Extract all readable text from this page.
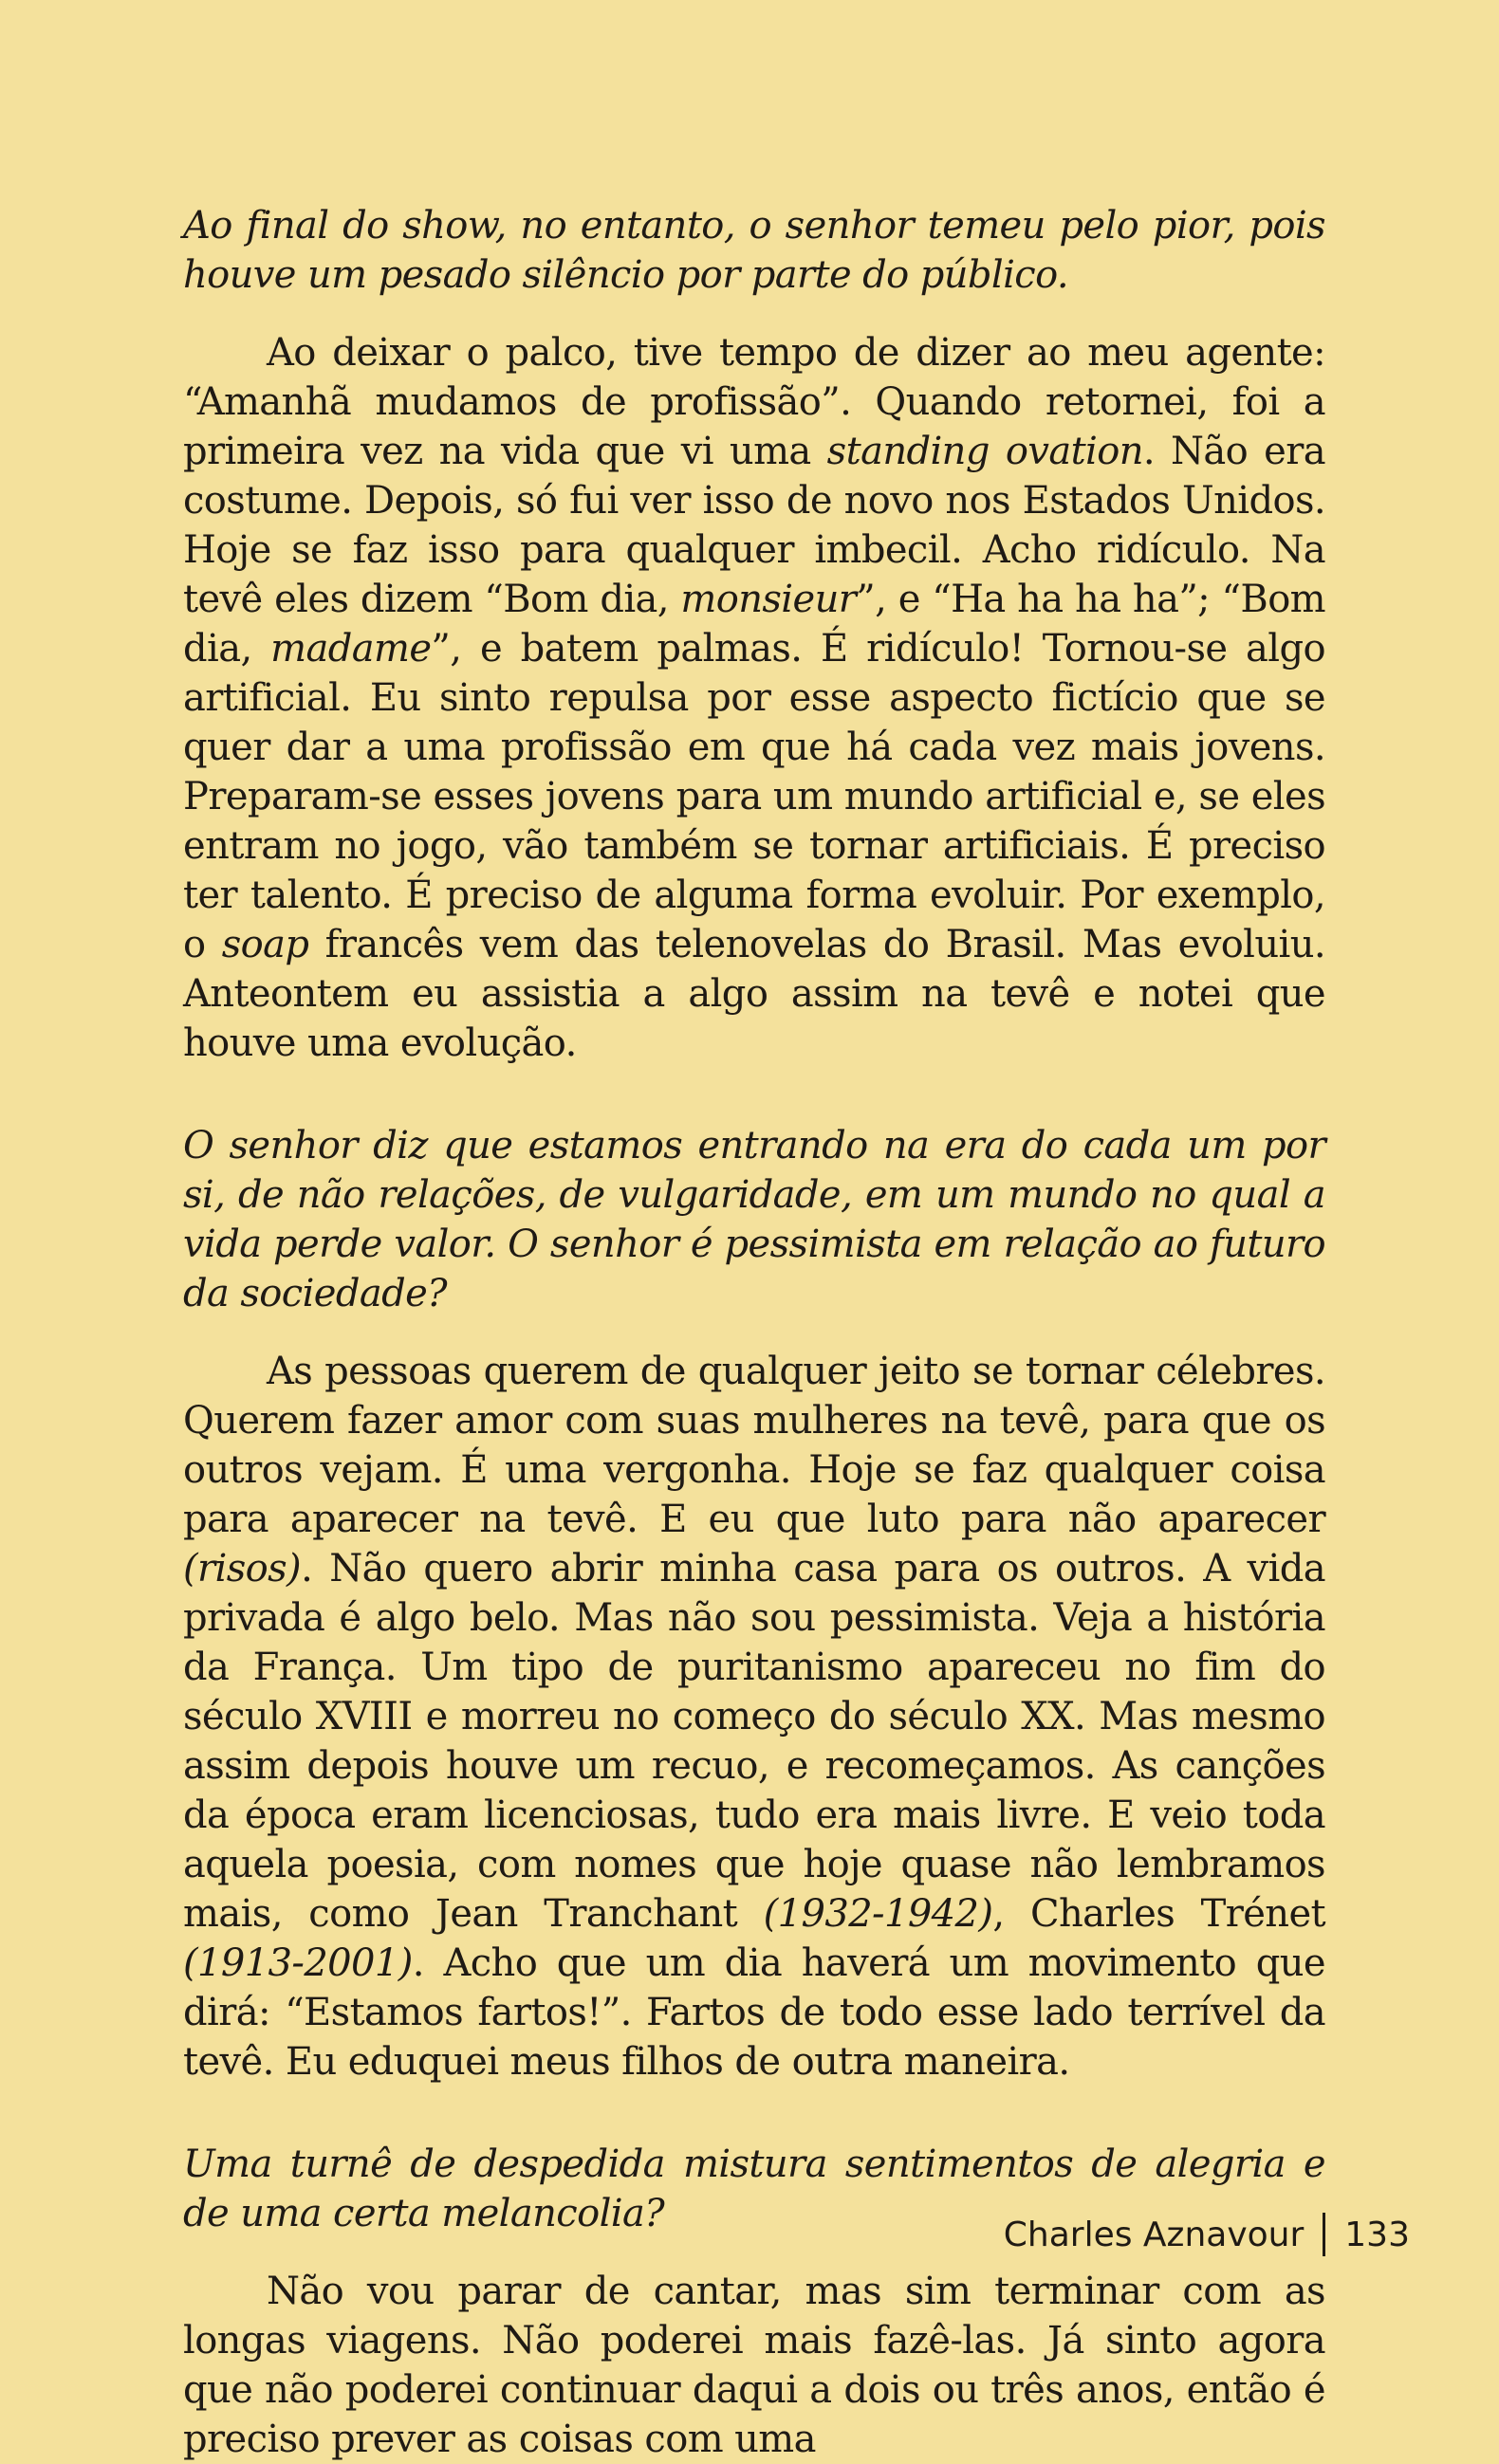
Ao final do show, no entanto, o senhor temeu pelo pior, pois houve um pesado silêncio por parte do público.

Ao deixar o palco, tive tempo de dizer ao meu agente: “Amanhã mudamos de profissão”. Quando retornei, foi a primeira vez na vida que vi uma standing ovation. Não era costume. Depois, só fui ver isso de novo nos Estados Unidos. Hoje se faz isso para qualquer imbecil. Acho ridículo. Na tevê eles dizem “Bom dia, monsieur”, e “Ha ha ha ha”; “Bom dia, madame”, e batem palmas. É ridículo! Tornou-se algo artificial. Eu sinto repulsa por esse aspecto fictício que se quer dar a uma profissão em que há cada vez mais jovens. Preparam-se esses jovens para um mundo artificial e, se eles entram no jogo, vão também se tornar artificiais. É preciso ter talento. É preciso de alguma forma evoluir. Por exemplo, o soap francês vem das telenovelas do Brasil. Mas evoluiu. Anteontem eu assistia a algo assim na tevê e notei que houve uma evolução.

O senhor diz que estamos entrando na era do cada um por si, de não relações, de vulgaridade, em um mundo no qual a vida perde valor. O senhor é pessimista em relação ao futuro da sociedade?

As pessoas querem de qualquer jeito se tornar célebres. Querem fazer amor com suas mulheres na tevê, para que os outros vejam. É uma vergonha. Hoje se faz qualquer coisa para aparecer na tevê. E eu que luto para não aparecer (risos). Não quero abrir minha casa para os outros. A vida privada é algo belo. Mas não sou pessimista. Veja a história da França. Um tipo de puritanismo apareceu no fim do século XVIII e morreu no começo do século XX. Mas mesmo assim depois houve um recuo, e recomeçamos. As canções da época eram licenciosas, tudo era mais livre. E veio toda aquela poesia, com nomes que hoje quase não lembramos mais, como Jean Tranchant (1932-1942), Charles Trénet (1913-2001). Acho que um dia haverá um movimento que dirá: “Estamos fartos!”. Fartos de todo esse lado terrível da tevê. Eu eduquei meus filhos de outra maneira.

Uma turnê de despedida mistura sentimentos de alegria e de uma certa melancolia?

Não vou parar de cantar, mas sim terminar com as longas viagens. Não poderei mais fazê-las. Já sinto agora que não poderei continuar daqui a dois ou três anos, então é preciso prever as coisas com uma

Charles Aznavour 133
